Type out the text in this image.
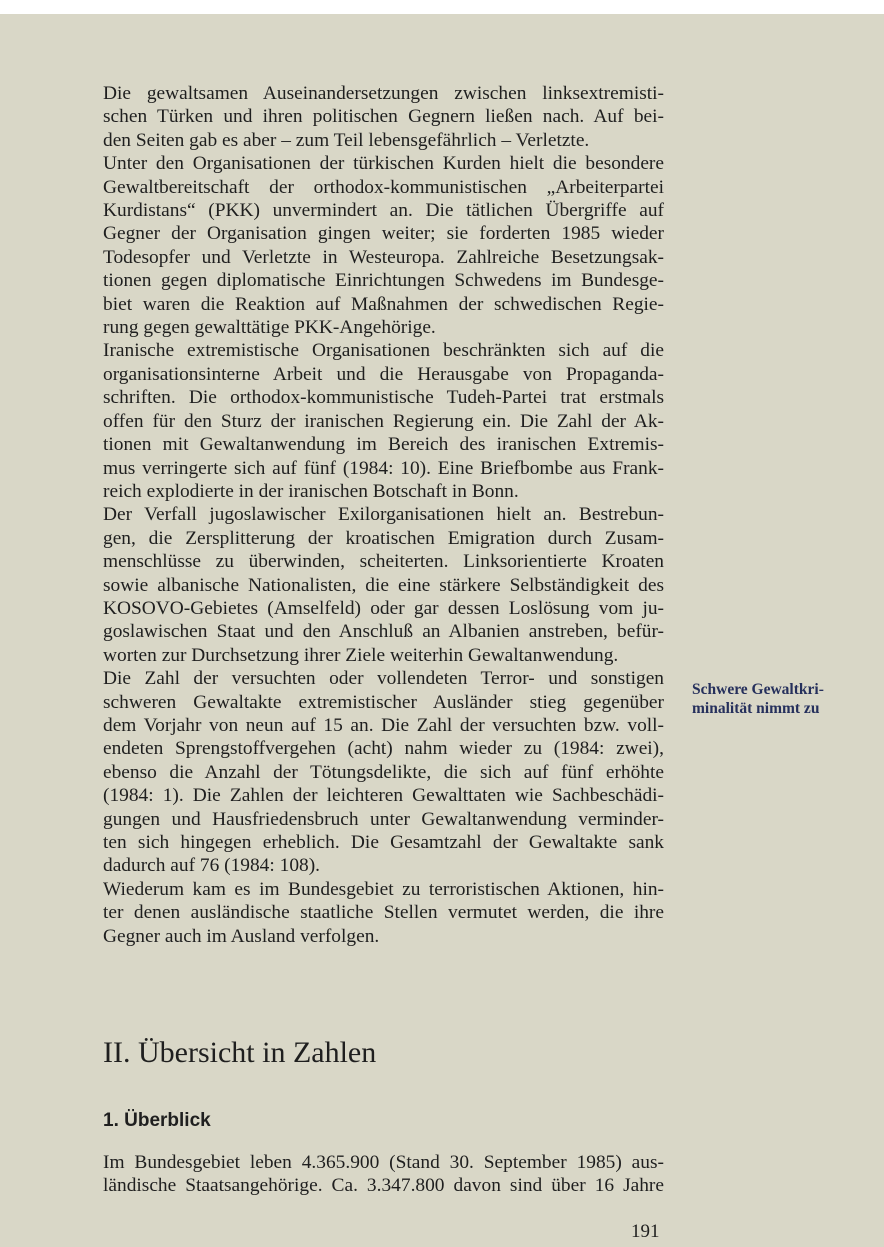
Die gewaltsamen Auseinandersetzungen zwischen linksextremisti-
schen Türken und ihren politischen Gegnern ließen nach. Auf bei-
den Seiten gab es aber – zum Teil lebensgefährlich – Verletzte.

Unter den Organisationen der türkischen Kurden hielt die besondere
Gewaltbereitschaft der orthodox-kommunistischen „Arbeiterpartei
Kurdistans“ (PKK) unvermindert an. Die tätlichen Übergriffe auf
Gegner der Organisation gingen weiter; sie forderten 1985 wieder
Todesopfer und Verletzte in Westeuropa. Zahlreiche Besetzungsak-
tionen gegen diplomatische Einrichtungen Schwedens im Bundesge-
biet waren die Reaktion auf Maßnahmen der schwedischen Regie-
rung gegen gewalttätige PKK-Angehörige.

Iranische extremistische Organisationen beschränkten sich auf die
organisationsinterne Arbeit und die Herausgabe von Propaganda-
schriften. Die orthodox-kommunistische Tudeh-Partei trat erstmals
offen für den Sturz der iranischen Regierung ein. Die Zahl der Ak-
tionen mit Gewaltanwendung im Bereich des iranischen Extremis-
mus verringerte sich auf fünf (1984: 10). Eine Briefbombe aus Frank-
reich explodierte in der iranischen Botschaft in Bonn.

Der Verfall jugoslawischer Exilorganisationen hielt an. Bestrebun-
gen, die Zersplitterung der kroatischen Emigration durch Zusam-
menschlüsse zu überwinden, scheiterten. Linksorientierte Kroaten
sowie albanische Nationalisten, die eine stärkere Selbständigkeit des
KOSOVO-Gebietes (Amselfeld) oder gar dessen Loslösung vom ju-
goslawischen Staat und den Anschluß an Albanien anstreben, befür-
worten zur Durchsetzung ihrer Ziele weiterhin Gewaltanwendung.

Die Zahl der versuchten oder vollendeten Terror- und sonstigen
schweren Gewaltakte extremistischer Ausländer stieg gegenüber
dem Vorjahr von neun auf 15 an. Die Zahl der versuchten bzw. voll-
endeten Sprengstoffvergehen (acht) nahm wieder zu (1984: zwei),
ebenso die Anzahl der Tötungsdelikte, die sich auf fünf erhöhte
(1984: 1). Die Zahlen der leichteren Gewalttaten wie Sachbeschädi-
gungen und Hausfriedensbruch unter Gewaltanwendung verminder-
ten sich hingegen erheblich. Die Gesamtzahl der Gewaltakte sank
dadurch auf 76 (1984: 108).

Wiederum kam es im Bundesgebiet zu terroristischen Aktionen, hin-
ter denen ausländische staatliche Stellen vermutet werden, die ihre
Gegner auch im Ausland verfolgen.

Schwere Gewaltkri-
minalität nimmt zu

II. Übersicht in Zahlen
1. Überblick

Im Bundesgebiet leben 4.365.900 (Stand 30. September 1985) aus-
ländische Staatsangehörige. Ca. 3.347.800 davon sind über 16 Jahre

191
